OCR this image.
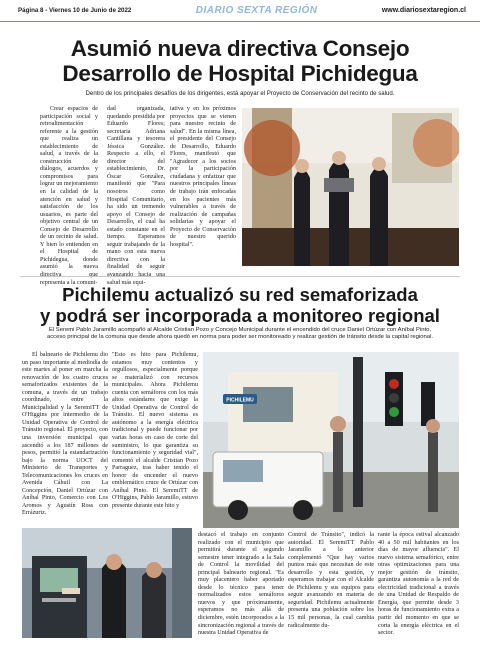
Página 8 - Viernes 10 de Junio de 2022	DIARIO SEXTA REGIÓN	www.diariosextaregion.cl
Asumió nueva directiva Consejo
Desarrollo de Hospital Pichidegua
Dentro de los principales desafíos de los dirigentes, está apoyar el Proyecto de Conservación del recinto de salud.

Crear espacios de participación social y retroalimentación referente a la gestión que realiza un establecimiento de salud, a través de la construcción de diálogos, acuerdos y compromisos para lograr un mejoramiento en la calidad de la atención en salud y satisfacción de los usuarios, es parte del objetivo central de un Consejo de Desarrollo de un recinto de salud. Y bien lo entienden en el Hospital de Pichidegua, donde asumió la nueva representa a la comuni-

dad organizada, quedando presidida por Eduardo Flores; secretaria Adriana Cantillana y tesorera Jéssica González. Respecto a ello, el director del establecimiento, Dr. Óscar González, manifestó que "Para nosotros como Hospital Comunitario, ha sido un tremendo apoyo el Consejo de Desarrollo, el cual ha estado constante en el tiempo. Esperamos seguir trabajando de la mano con esta nueva directiva con la finalidad de seguir salud más equi-

tativa y en los próximos proyectos que se vienen para nuestro recinto de salud". En la misma línea, el presidente del Consejo de Desarrollo, Eduardo Flores, manifestó que "Agradecer a los socios por la participación ciudadana y enfatizar que nuestros principales líneas de trabajo irán enfocadas en los pacientes más vulnerables a través de realización de campañas solidarias y apoyar el Proyecto de Conservación de nuestro querido hospital".

Pichilemu actualizó su red semaforizada
y podrá ser incorporada a monitoreo regional
El Seremi Pablo Jaramillo acompañó al Alcalde Cristian Pozo y Concejo Municipal durante el encendido del cruce Daniel Ortúzar con Aníbal Pinto,
acceso principal de la comuna que desde ahora quedó en norma para poder ser monitoreado y realizar gestión de tránsito desde la capital regional.

El balneario de Pichilemu dio un paso importante al mediodía de este martes al poner en marcha la renovación de los cuatro cruces semaforizados existentes de la comuna, a través de un trabajo coordinado, entre la Municipalidad y la SeremiTT de O'Higgins por intermedio de la Unidad Operativa de Control de Tránsito regional. El proyecto, con una inversión municipal que ascendió a los 187 millones de pesos, permitió la estandarización bajo la norma UOCT del Ministerio de Transportes y Telecomunicaciones los cruces en Avenida Cáhuil con La Concepción, Daniel Ortúzar con Aníbal Pinto, Comercio con Los Aromos y Agustín Ross con Errázuriz.

"Esto es hito para Pichilemu, estamos muy contentos y orgullosos, especialmente porque se materializó con recursos municipales. Ahora Pichilemu cuenta con semáforos con los más altos estándares que exige la Unidad Operativa de Control de Tránsito. El nuevo sistema es autónomo a la energía eléctrica tradicional y puede funcionar por varias horas en caso de corte del suministro, lo que garantiza su funcionamiento y seguridad vial", comentó el alcalde Cristian Pozo Parraguez, tras haber tenido el honor de encender el nuevo emblemático cruce de Ortúzar con Aníbal Pinto. El SeremiTT de O'Higgins, Pablo Jaramillo, estuvo presente durante este hito y

PICHILEMU

destacó el trabajo en conjunto realizado con el municipio que permitirá durante el segundo semestre tener integrado a la Sala de Control la movilidad del principal balneario regional. "Es muy placentero haber aportado desde lo técnico para tener normalizados estos semáforos nuevos y que próximamente, esperamos no más allá de diciembre, estén incorporados a la sincronización regional a través de nuestra Unidad Operativa de

Control de Tránsito", indicó la autoridad. El SeremiTT Pablo Jaramillo a lo anterior complementó "Que hay varios puntos más que necesitan de este desarrollo y esta gestión, y esperamos trabajar con el Alcalde de Pichilemu y sus equipos para seguir avanzando en materia de seguridad. Pichilemu actualmente presenta una población sobre los 15 mil personas, la cual cambia radicalmente du-

rante la época estival alcanzado 40 a 50 mil habitantes en los días de mayor afluencia". El nuevo sistema semafórico, entre otras optimizaciones para una mejor gestión de tránsito, garantiza autonomía a la red de electricidad tradicional a través de una Unidad de Respaldo de Energía, que permite desde 3 horas de funcionamiento extra a partir del momento en que se corta la energía eléctrica en el sector.
